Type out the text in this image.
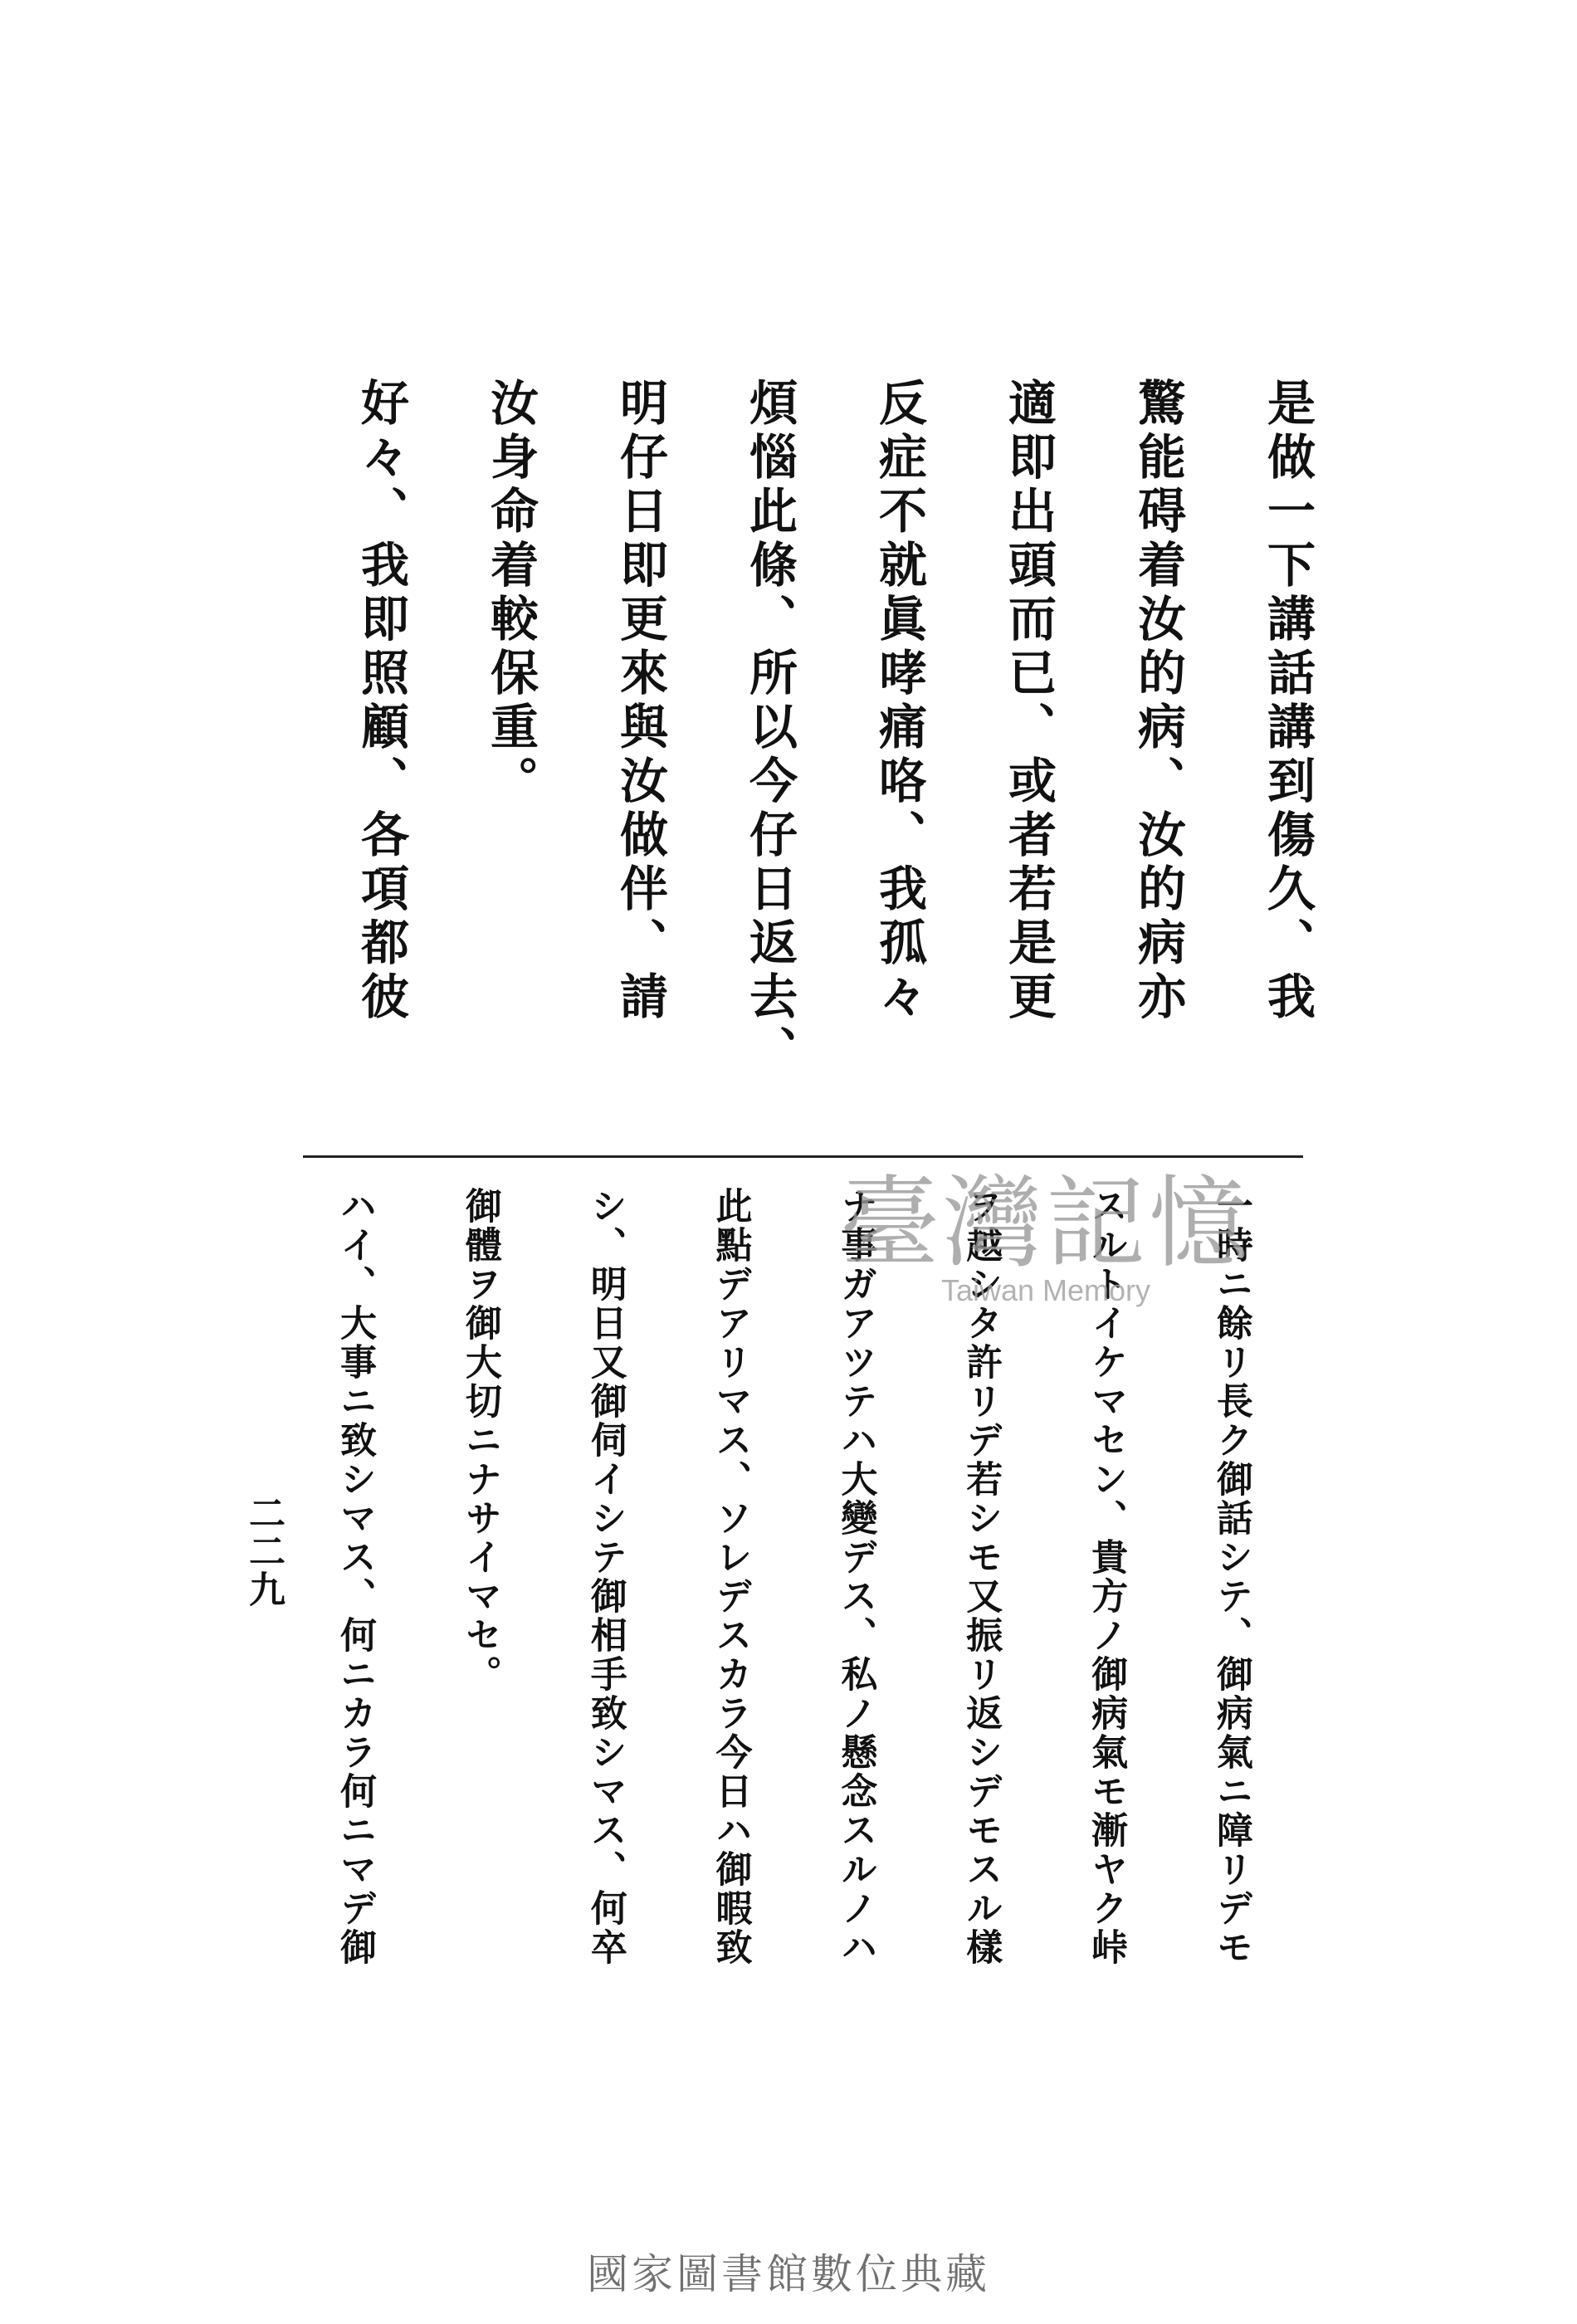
是做一下講話講到傷久、我
驚能碍着汝的病、汝的病亦
適即出頭而已、或者若是更
反症不就眞哮痛咯、我孤々
煩惱此條、所以今仔日返去、
明仔日即更來與汝做伴、請
汝身命着較保重。
好々、我即照顧、各項都彼
一時ニ餘リ長ク御話シテ、御病氣ニ障リデモ
スルトイケマセン、貴方ノ御病氣モ漸ヤク峠
ヲ越シタ許リデ若シモ又振リ返シデモスル樣
ナ事ガアツテハ大變デス、私ノ懸念スルノハ
此點デアリマス、ソレデスカラ今日ハ御暇致
シ、明日又御伺イシテ御相手致シマス、何卒
御體ヲ御大切ニナサイマセ。
ハイ、大事ニ致シマス、何ニカラ何ニマデ御	臺灣記憶
Taiwan Memory
二二九
國家圖書館數位典藏
